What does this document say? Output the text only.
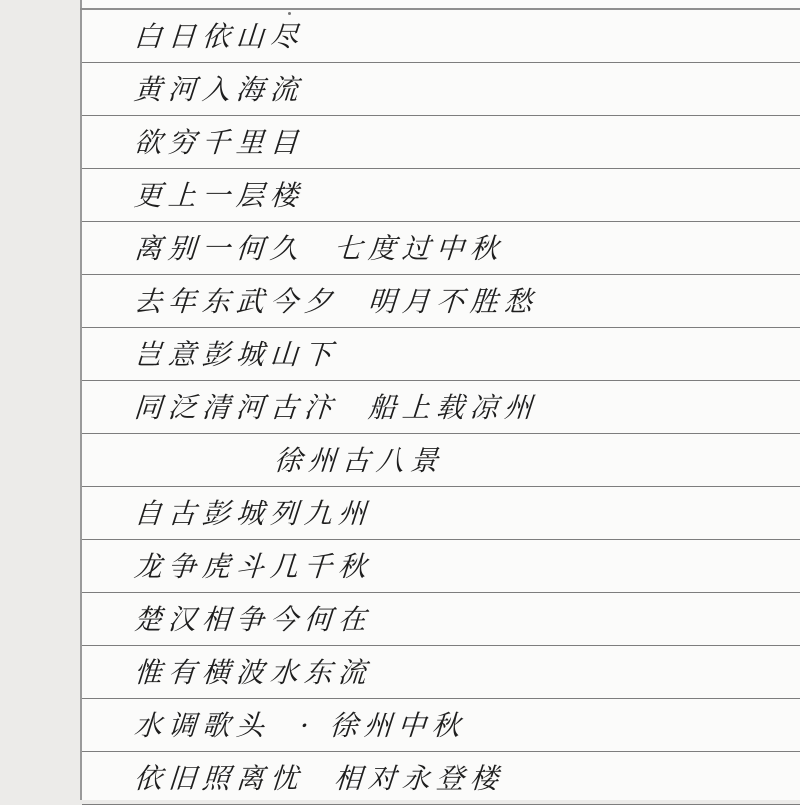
白日依山尽
黄河入海流
欲穷千里目
更上一层楼
离别一何久 七度过中秋
去年东武今夕 明月不胜愁
岂意彭城山下
同泛清河古汴 船上载凉州
徐州古八景
自古彭城列九州
龙争虎斗几千秋
楚汉相争今何在
惟有横波水东流
水调歌头 · 徐州中秋
依旧照离忧 相对永登楼
